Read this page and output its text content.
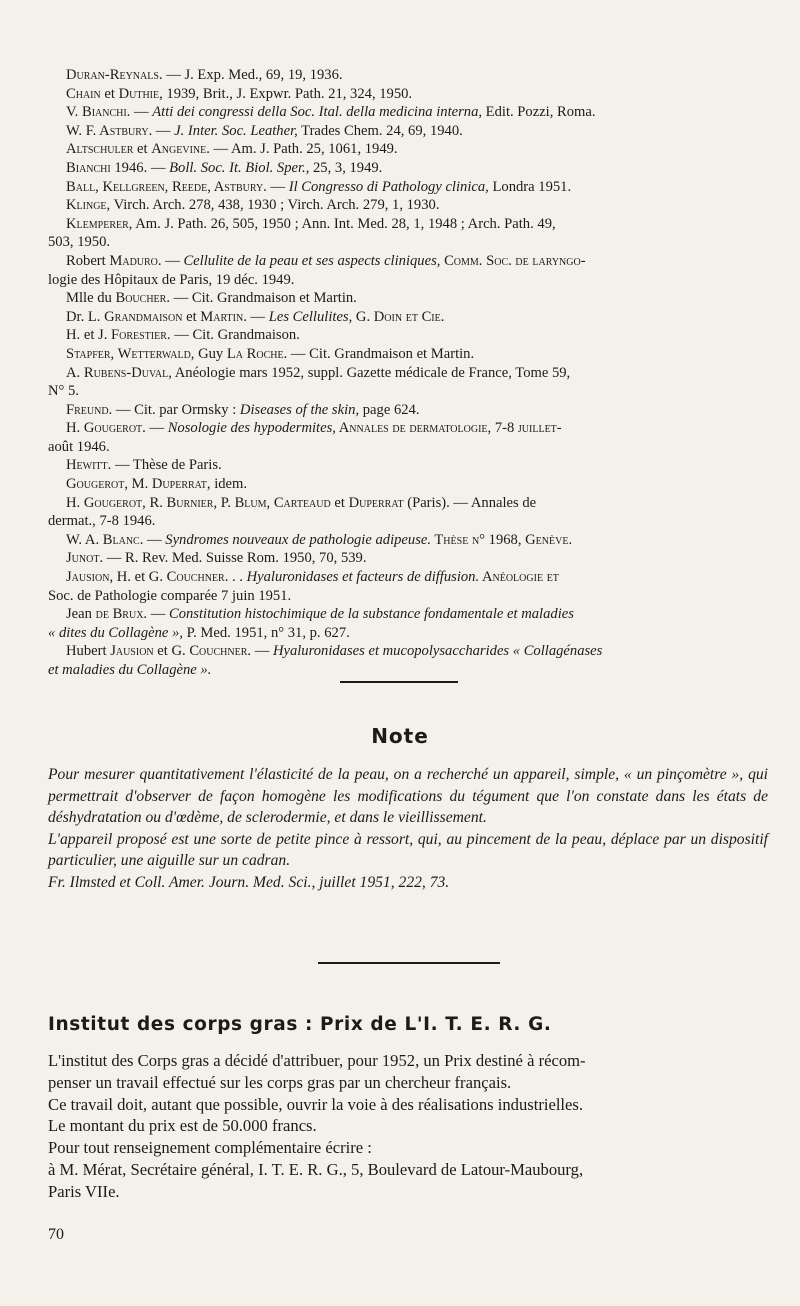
Duran-Reynals. — J. Exp. Med., 69, 19, 1936.
Chain et Duthie, 1939, Brit., J. Expwr. Path. 21, 324, 1950.
V. Bianchi. — Atti dei congressi della Soc. Ital. della medicina interna, Edit. Pozzi, Roma.
W. F. Astbury. — J. Inter. Soc. Leather, Trades Chem. 24, 69, 1940.
Altschuler et Angevine. — Am. J. Path. 25, 1061, 1949.
Bianchi 1946. — Boll. Soc. It. Biol. Sper., 25, 3, 1949.
Ball, Kellgreen, Reede, Astbury. — Il Congresso di Pathology clinica, Londra 1951.
Klinge, Virch. Arch. 278, 438, 1930 ; Virch. Arch. 279, 1, 1930.
Klemperer, Am. J. Path. 26, 505, 1950 ; Ann. Int. Med. 28, 1, 1948 ; Arch. Path. 49,
503, 1950.
Robert Maduro. — Cellulite de la peau et ses aspects cliniques, Comm. Soc. de laryngo-
logie des Hôpitaux de Paris, 19 déc. 1949.
Mlle du Boucher. — Cit. Grandmaison et Martin.
Dr. L. Grandmaison et Martin. — Les Cellulites, G. Doin et Cie.
H. et J. Forestier. — Cit. Grandmaison.
Stapfer, Wetterwald, Guy La Roche. — Cit. Grandmaison et Martin.
A. Rubens-Duval, Anéologie mars 1952, suppl. Gazette médicale de France, Tome 59,
N° 5.
Freund. — Cit. par Ormsky : Diseases of the skin, page 624.
H. Gougerot. — Nosologie des hypodermites, Annales de dermatologie, 7-8 juillet-
août 1946.
Hewitt. — Thèse de Paris.
Gougerot, M. Duperrat, idem.
H. Gougerot, R. Burnier, P. Blum, Carteaud et Duperrat (Paris). — Annales de
dermat., 7-8 1946.
W. A. Blanc. — Syndromes nouveaux de pathologie adipeuse. Thèse n° 1968, Genève.
Junot. — R. Rev. Med. Suisse Rom. 1950, 70, 539.
Jausion, H. et G. Couchner. . . Hyaluronidases et facteurs de diffusion. Anéologie et
Soc. de Pathologie comparée 7 juin 1951.
Jean de Brux. — Constitution histochimique de la substance fondamentale et maladies
« dites du Collagène », P. Med. 1951, n° 31, p. 627.
Hubert Jausion et G. Couchner. — Hyaluronidases et mucopolysaccharides « Collagénases
et maladies du Collagène ».
Note

Pour mesurer quantitativement l'élasticité de la peau, on a recherché un appareil, simple, « un pinçomètre », qui permettrait d'observer de façon homogène les modifications du tégument que l'on constate dans les états de déshydratation ou d'œdème, de sclerodermie, et dans le vieillissement.

L'appareil proposé est une sorte de petite pince à ressort, qui, au pincement de la peau, déplace par un dispositif particulier, une aiguille sur un cadran.

Fr. Ilmsted et Coll. Amer. Journ. Med. Sci., juillet 1951, 222, 73.

Institut des corps gras : Prix de L'I. T. E. R. G.
L'institut des Corps gras a décidé d'attribuer, pour 1952, un Prix destiné à récom-
penser un travail effectué sur les corps gras par un chercheur français.
Ce travail doit, autant que possible, ouvrir la voie à des réalisations industrielles.
Le montant du prix est de 50.000 francs.
Pour tout renseignement complémentaire écrire :
à M. Mérat, Secrétaire général, I. T. E. R. G., 5, Boulevard de Latour-Maubourg,
Paris VIIe.
70
